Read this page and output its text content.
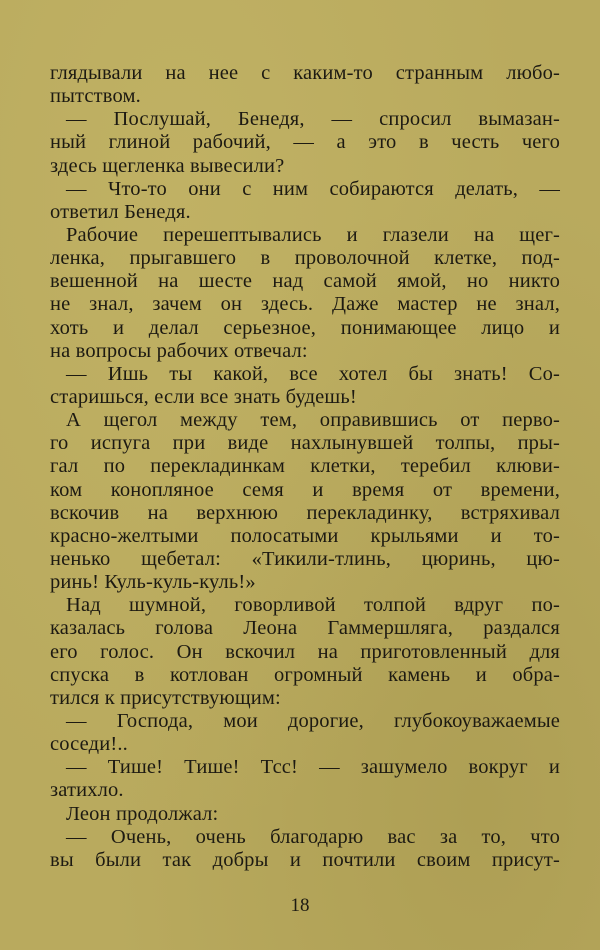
глядывали на нее с каким-то странным любо-
пытством.
— Послушай, Бенедя, — спросил вымазан-
ный глиной рабочий, — а это в честь чего
здесь щегленка вывесили?
— Что-то они с ним собираются делать, —
ответил Бенедя.
Рабочие перешептывались и глазели на щег-
ленка, прыгавшего в проволочной клетке, под-
вешенной на шесте над самой ямой, но никто
не знал, зачем он здесь. Даже мастер не знал,
хоть и делал серьезное, понимающее лицо и
на вопросы рабочих отвечал:
— Ишь ты какой, все хотел бы знать! Со-
старишься, если все знать будешь!
А щегол между тем, оправившись от перво-
го испуга при виде нахлынувшей толпы, пры-
гал по перекладинкам клетки, теребил клюви-
ком конопляное семя и время от времени,
вскочив на верхнюю перекладинку, встряхивал
красно-желтыми полосатыми крыльями и то-
ненько щебетал: «Тикили-тлинь, цюринь, цю-
ринь! Куль-куль-куль!»
Над шумной, говорливой толпой вдруг по-
казалась голова Леона Гаммершляга, раздался
его голос. Он вскочил на приготовленный для
спуска в котлован огромный камень и обра-
тился к присутствующим:
— Господа, мои дорогие, глубокоуважаемые
соседи!..
— Тише! Тише! Тсс! — зашумело вокруг и
затихло.
Леон продолжал:
— Очень, очень благодарю вас за то, что
вы были так добры и почтили своим присут-
18
